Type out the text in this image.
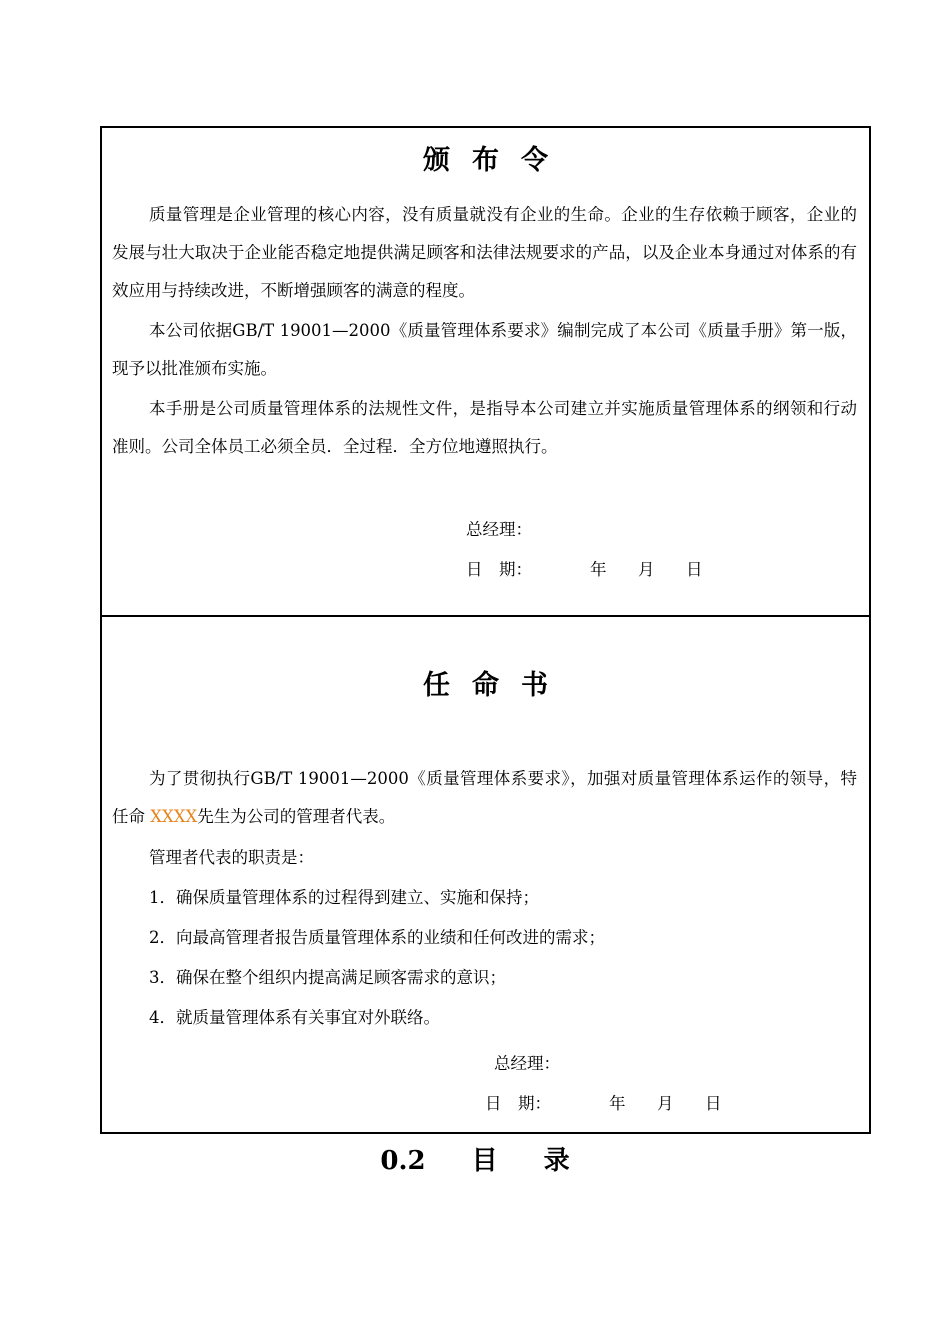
颁布令

质量管理是企业管理的核心内容，没有质量就没有企业的生命。企业的生存依赖于顾客，企业的发展与壮大取决于企业能否稳定地提供满足顾客和法律法规要求的产品，以及企业本身通过对体系的有效应用与持续改进，不断增强顾客的满意的程度。

本公司依据GB/T 19001—2000《质量管理体系要求》编制完成了本公司《质量手册》第一版，现予以批准颁布实施。

本手册是公司质量管理体系的法规性文件，是指导本公司建立并实施质量管理体系的纲领和行动准则。公司全体员工必须全员．全过程．全方位地遵照执行。

总经理：
日　期：	年 月 日
任命书

为了贯彻执行GB/T 19001—2000《质量管理体系要求》，加强对质量管理体系运作的领导，特任命 XXXX先生为公司的管理者代表。

管理者代表的职责是：
1．确保质量管理体系的过程得到建立、实施和保持；
2．向最高管理者报告质量管理体系的业绩和任何改进的需求；
3．确保在整个组织内提高满足顾客需求的意识；
4．就质量管理体系有关事宜对外联络。
总经理：
日　期：	年 月 日
0.2 目 录
